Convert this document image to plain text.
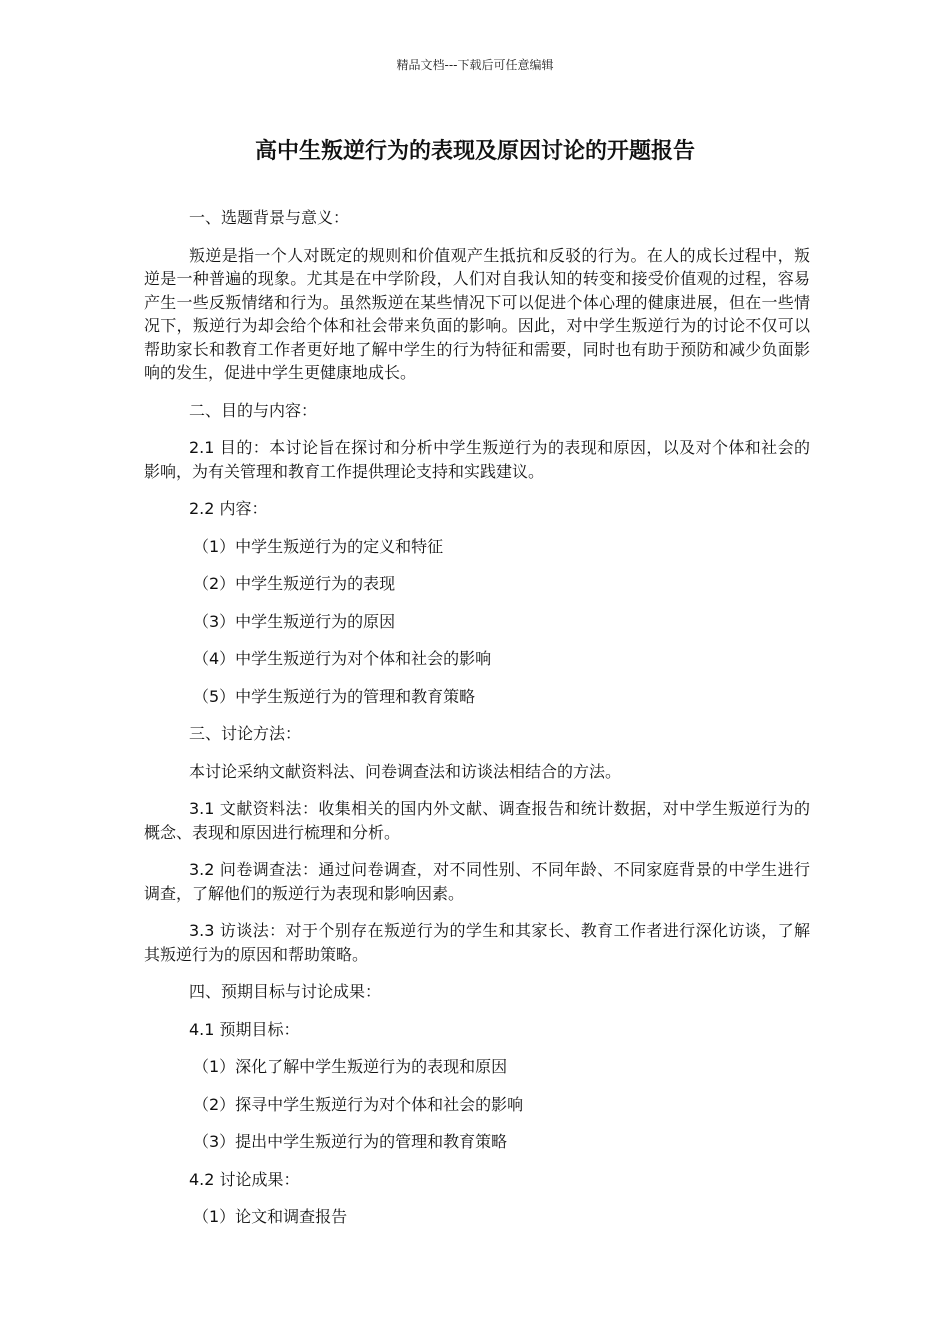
精品文档---下载后可任意编辑
高中生叛逆行为的表现及原因讨论的开题报告

一、选题背景与意义：

叛逆是指一个人对既定的规则和价值观产生抵抗和反驳的行为。在人的成长过程中，叛逆是一种普遍的现象。尤其是在中学阶段，人们对自我认知的转变和接受价值观的过程，容易产生一些反叛情绪和行为。虽然叛逆在某些情况下可以促进个体心理的健康进展，但在一些情况下，叛逆行为却会给个体和社会带来负面的影响。因此，对中学生叛逆行为的讨论不仅可以帮助家长和教育工作者更好地了解中学生的行为特征和需要，同时也有助于预防和减少负面影响的发生，促进中学生更健康地成长。

二、目的与内容：

2.1 目的：本讨论旨在探讨和分析中学生叛逆行为的表现和原因，以及对个体和社会的影响，为有关管理和教育工作提供理论支持和实践建议。

2.2 内容：

（1）中学生叛逆行为的定义和特征

（2）中学生叛逆行为的表现

（3）中学生叛逆行为的原因

（4）中学生叛逆行为对个体和社会的影响

（5）中学生叛逆行为的管理和教育策略

三、讨论方法：

本讨论采纳文献资料法、问卷调查法和访谈法相结合的方法。

3.1 文献资料法：收集相关的国内外文献、调查报告和统计数据，对中学生叛逆行为的概念、表现和原因进行梳理和分析。

3.2 问卷调查法：通过问卷调查，对不同性别、不同年龄、不同家庭背景的中学生进行调查，了解他们的叛逆行为表现和影响因素。

3.3 访谈法：对于个别存在叛逆行为的学生和其家长、教育工作者进行深化访谈，了解其叛逆行为的原因和帮助策略。

四、预期目标与讨论成果：

4.1 预期目标：

（1）深化了解中学生叛逆行为的表现和原因

（2）探寻中学生叛逆行为对个体和社会的影响

（3）提出中学生叛逆行为的管理和教育策略

4.2 讨论成果：

（1）论文和调查报告
